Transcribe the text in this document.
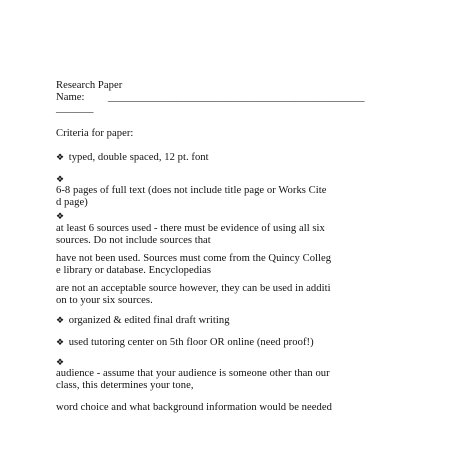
Research Paper
Name: ________________________________________________
_______
Criteria for paper:
❖ typed, double spaced, 12 pt. font
❖
6-8 pages of full text (does not include title page or Works Cite
d page)
❖
at least 6 sources used - there must be evidence of using all six
sources. Do not include sources that
have not been used. Sources must come from the Quincy Colleg
e library or database. Encyclopedias
are not an acceptable source however, they can be used in additi
on to your six sources.
❖ organized & edited final draft writing
❖ used tutoring center on 5th floor OR online (need proof!)
❖
audience - assume that your audience is someone other than our
class, this determines your tone,
word choice and what background information would be needed
